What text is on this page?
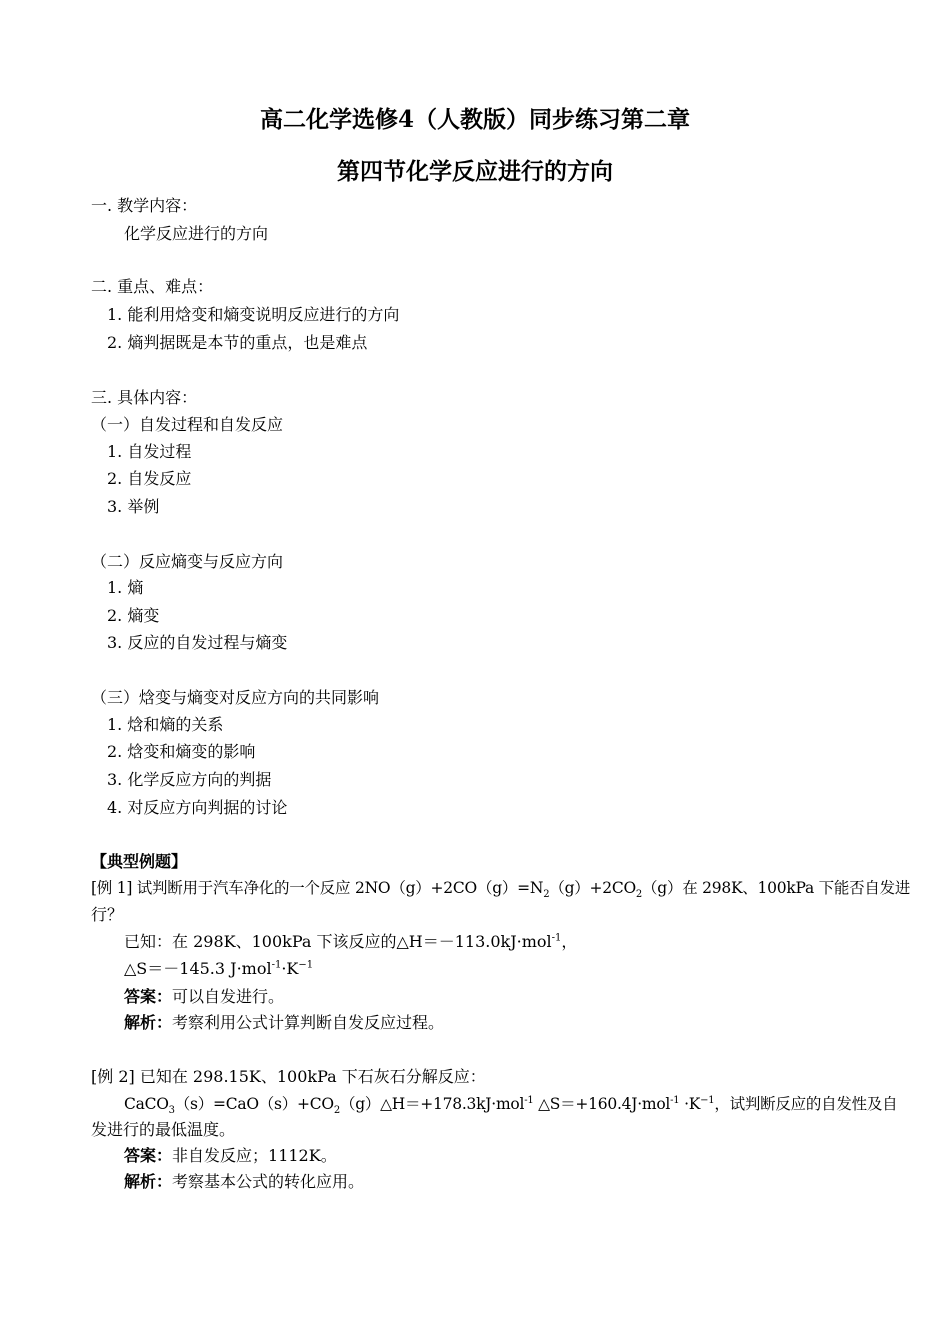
高二化学选修4（人教版）同步练习第二章
第四节化学反应进行的方向
一. 教学内容：
化学反应进行的方向
二. 重点、难点：
1. 能利用焓变和熵变说明反应进行的方向
2. 熵判据既是本节的重点，也是难点
三. 具体内容：
（一）自发过程和自发反应
1. 自发过程
2. 自发反应
3. 举例
（二）反应熵变与反应方向
1. 熵
2. 熵变
3. 反应的自发过程与熵变
（三）焓变与熵变对反应方向的共同影响
1. 焓和熵的关系
2. 焓变和熵变的影响
3. 化学反应方向的判据
4. 对反应方向判据的讨论
【典型例题】
[例 1] 试判断用于汽车净化的一个反应 $2NO(g)+2CO(g)=N_2(g)+2CO_2(g)$在 298K、100kPa 下能否自发进
行？
已知：在 298K、100kPa 下该反应的△H＝－113.0kJ·mol$^{-1}$，
△S＝－145.3 $J\cdot mol^{-1}\cdot K^{-1}$
答案：可以自发进行。
解析：考察利用公式计算判断自发反应过程。
[例 2] 已知在 298.15K、100kPa 下石灰石分解反应：
$CaCO_3(s)=CaO(s)+CO_2(g)\triangle H=+178.3kJ\cdot mol^{-1}$ △S＝+160.4J·mol$^{-1}$ $\cdot K^{-1}$，试判断反应的自发性及自
发进行的最低温度。
答案：非自发反应；1112K。
解析：考察基本公式的转化应用。
